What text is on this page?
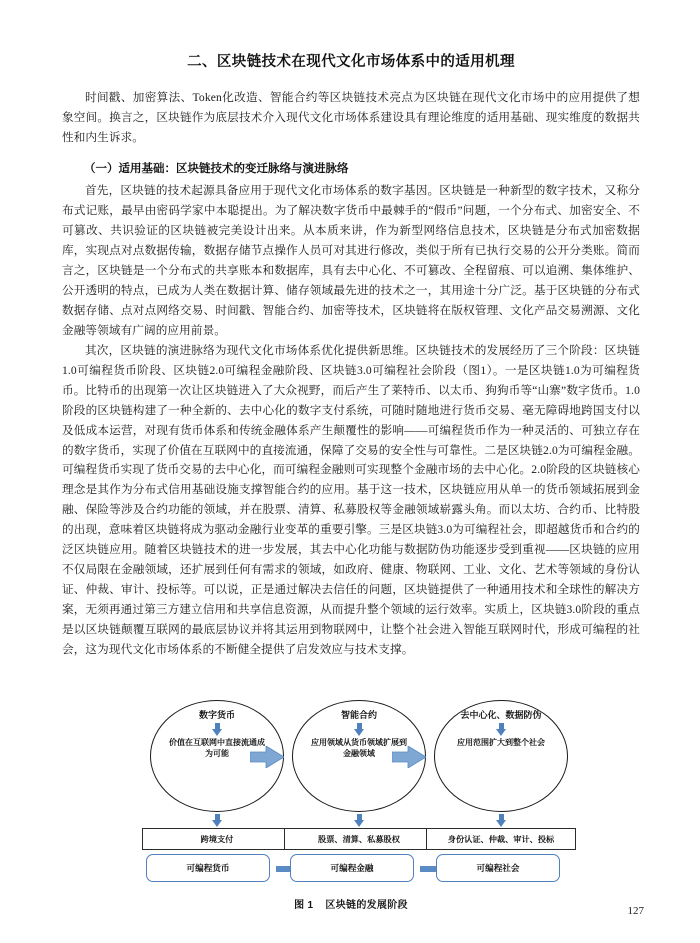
二、区块链技术在现代文化市场体系中的适用机理

时间戳、加密算法、Token化改造、智能合约等区块链技术亮点为区块链在现代文化市场中的应用提供了想象空间。换言之，区块链作为底层技术介入现代文化市场体系建设具有理论维度的适用基础、现实维度的数据共性和内生诉求。

（一）适用基础：区块链技术的变迁脉络与演进脉络

首先，区块链的技术起源具备应用于现代文化市场体系的数字基因。区块链是一种新型的数字技术，又称分布式记账，最早由密码学家中本聪提出。为了解决数字货币中最棘手的“假币”问题，一个分布式、加密安全、不可篡改、共识验证的区块链被完美设计出来。从本质来讲，作为新型网络信息技术，区块链是分布式加密数据库，实现点对点数据传输，数据存储节点操作人员可对其进行修改，类似于所有已执行交易的公开分类账。简而言之，区块链是一个分布式的共享账本和数据库，具有去中心化、不可篡改、全程留痕、可以追溯、集体维护、公开透明的特点，已成为人类在数据计算、储存领域最先进的技术之一，其用途十分广泛。基于区块链的分布式数据存储、点对点网络交易、时间戳、智能合约、加密等技术，区块链将在版权管理、文化产品交易溯源、文化金融等领域有广阔的应用前景。

其次，区块链的演进脉络为现代文化市场体系优化提供新思维。区块链技术的发展经历了三个阶段：区块链1.0可编程货币阶段、区块链2.0可编程金融阶段、区块链3.0可编程社会阶段（图1）。一是区块链1.0为可编程货币。比特币的出现第一次让区块链进入了大众视野，而后产生了莱特币、以太币、狗狗币等“山寨”数字货币。1.0阶段的区块链构建了一种全新的、去中心化的数字支付系统，可随时随地进行货币交易、毫无障碍地跨国支付以及低成本运营，对现有货币体系和传统金融体系产生颠覆性的影响——可编程货币作为一种灵活的、可独立存在的数字货币，实现了价值在互联网中的直接流通，保障了交易的安全性与可靠性。二是区块链2.0为可编程金融。可编程货币实现了货币交易的去中心化，而可编程金融则可实现整个金融市场的去中心化。2.0阶段的区块链核心理念是其作为分布式信用基础设施支撑智能合约的应用。基于这一技术，区块链应用从单一的货币领域拓展到金融、保险等涉及合约功能的领域，并在股票、清算、私募股权等金融领域崭露头角。而以太坊、合约币、比特股的出现，意味着区块链将成为驱动金融行业变革的重要引擎。三是区块链3.0为可编程社会，即超越货币和合约的泛区块链应用。随着区块链技术的进一步发展，其去中心化功能与数据防伪功能逐步受到重视——区块链的应用不仅局限在金融领域，还扩展到任何有需求的领域，如政府、健康、物联网、工业、文化、艺术等领域的身份认证、仲裁、审计、投标等。可以说，正是通过解决去信任的问题，区块链提供了一种通用技术和全球性的解决方案，无须再通过第三方建立信用和共享信息资源，从而提升整个领域的运行效率。实质上，区块链3.0阶段的重点是以区块链颠覆互联网的最底层协议并将其运用到物联网中，让整个社会进入智能互联网时代，形成可编程的社会，这为现代文化市场体系的不断健全提供了启发效应与技术支撑。

数字货币
价值在互联网中直接流通成为可能
跨境支付
智能合约
应用领域从货币领域扩展到金融领域
股票、清算、私募股权
去中心化、数据防伪
应用范围扩大到整个社会
身份认证、仲裁、审计、投标
可编程货币	可编程金融	可编程社会
图 1 区块链的发展阶段	127
